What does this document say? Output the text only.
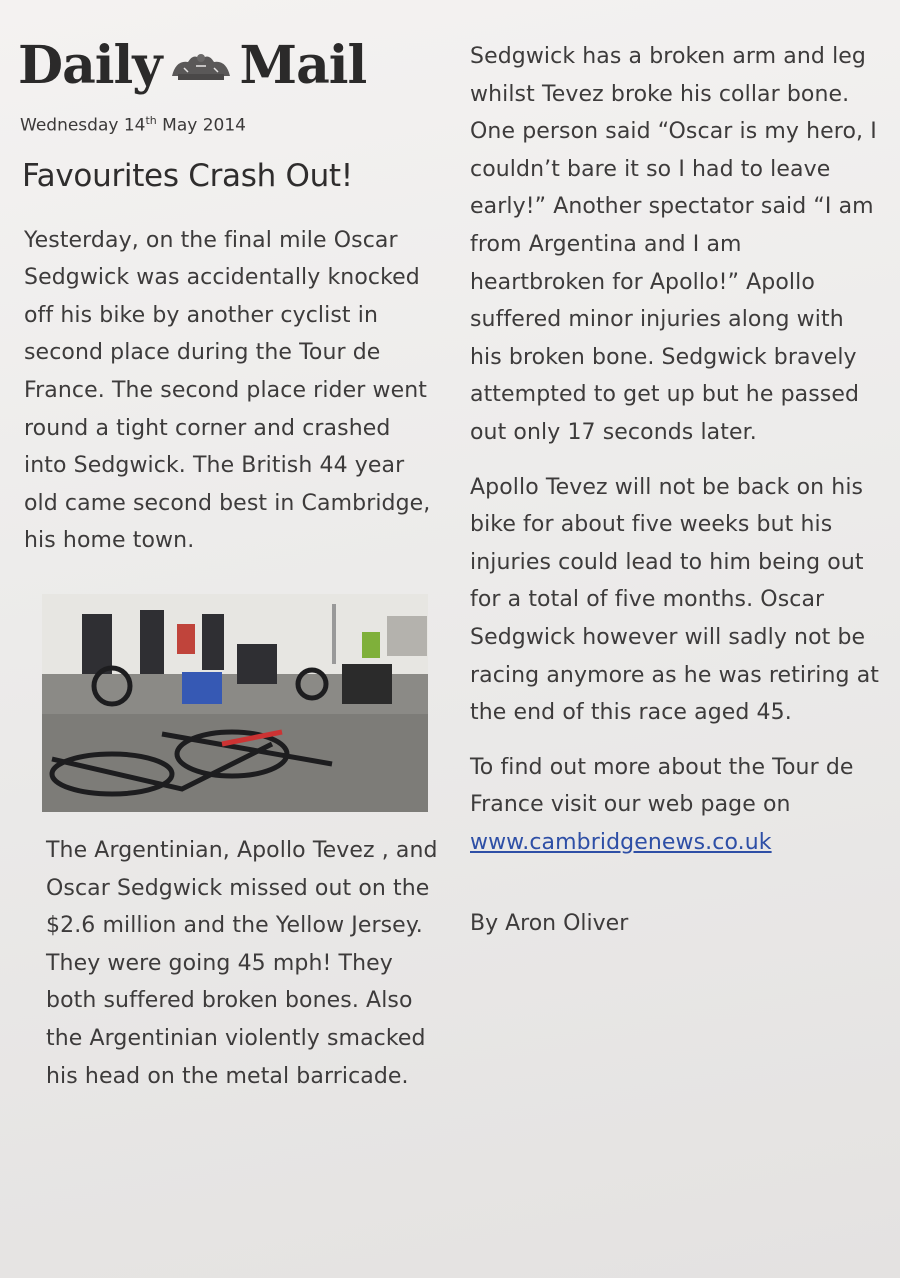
Daily Mail
Wednesday 14th May 2014
Favourites Crash Out!
Yesterday, on the final mile Oscar Sedgwick was accidentally knocked off his bike by another cyclist in second place during the Tour de France. The second place rider went round a tight corner and crashed into Sedgwick. The British 44 year old came second best in Cambridge, his home town.
The Argentinian, Apollo Tevez , and Oscar Sedgwick missed out on the $2.6 million and the Yellow Jersey. They were going 45 mph! They both suffered broken bones. Also the Argentinian violently smacked his head on the metal barricade.
Sedgwick has a broken arm and leg whilst Tevez broke his collar bone. One person said “Oscar is my hero, I couldn’t bare it so I had to leave early!” Another spectator said “I am from Argentina and I am heartbroken for Apollo!” Apollo suffered minor injuries along with his broken bone. Sedgwick bravely attempted to get up but he passed out only 17 seconds later.
Apollo Tevez will not be back on his bike for about five weeks but his injuries could lead to him being out for a total of five months. Oscar Sedgwick however will sadly not be racing anymore as he was retiring at the end of this race aged 45.
To find out more about the Tour de France visit our web page on
www.cambridgenews.co.uk
By Aron Oliver
